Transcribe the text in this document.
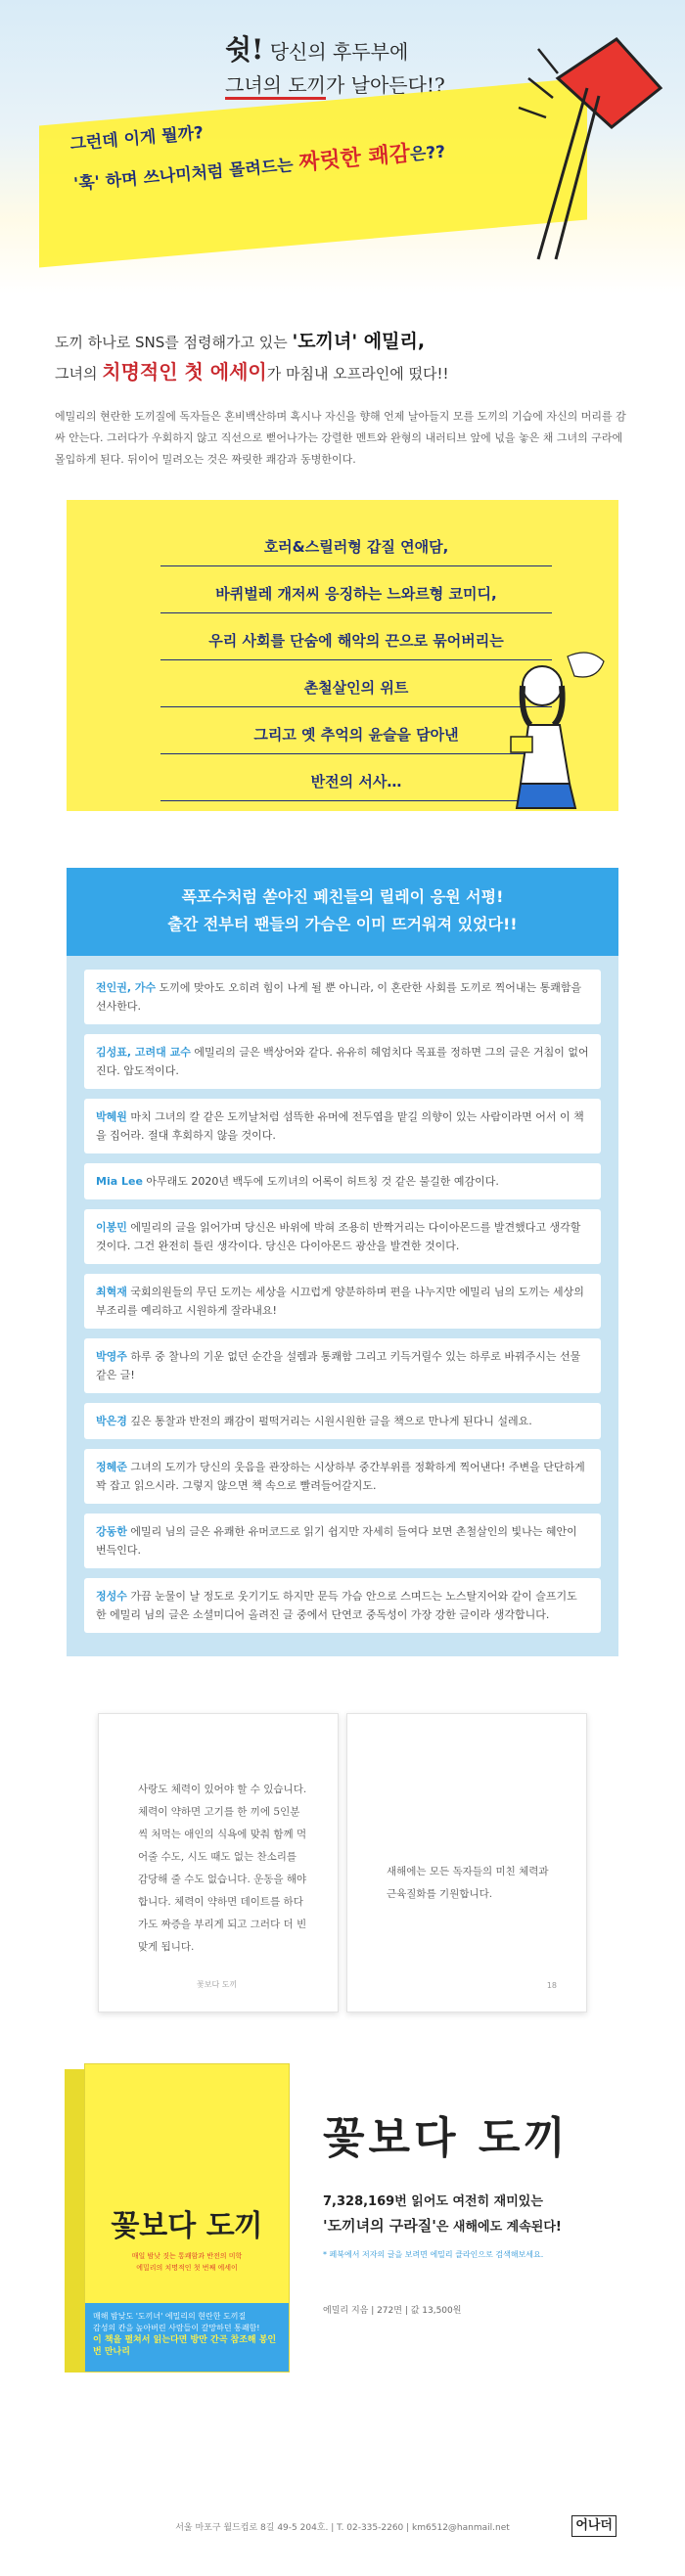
쉿! 당신의 후두부에
그녀의 도끼가 날아든다!?
그런데 이게 뭘까?
'훅' 하며 쓰나미처럼 몰려드는 짜릿한 쾌감은??
도끼 하나로 SNS를 점령해가고 있는 '도끼녀' 에밀리,
그녀의 치명적인 첫 에세이가 마침내 오프라인에 떴다!!

에밀리의 현란한 도끼질에 독자들은 혼비백산하며 혹시나 자신을 향해 언제 날아들지 모를 도끼의 기습에 자신의 머리를 감싸 안는다. 그러다가 우회하지 않고 직선으로 뻗어나가는 강렬한 멘트와 완형의 내러티브 앞에 넋을 놓은 채 그녀의 구라에 몰입하게 된다. 뒤이어 밀려오는 것은 짜릿한 쾌감과 동병한이다.

호러&스릴러형 갑질 연애담,
바퀴벌레 개저씨 응징하는 느와르형 코미디,
우리 사회를 단숨에 해악의 끈으로 묶어버리는
촌철살인의 위트
그리고 옛 추억의 윤슬을 담아낸
반전의 서사…
폭포수처럼 쏟아진 페친들의 릴레이 응원 서평!
출간 전부터 팬들의 가슴은 이미 뜨거워져 있었다!!
전인권, 가수 도끼에 맞아도 오히려 힘이 나게 될 뿐 아니라, 이 혼란한 사회를 도끼로 찍어내는 통쾌함을 선사한다.
김성표, 고려대 교수 에밀리의 글은 백상어와 같다. 유유히 헤엄치다 목표를 정하면 그의 글은 거침이 없어진다. 압도적이다.
박혜원 마치 그녀의 칼 같은 도끼날처럼 섬뜩한 유머에 전두엽을 맡길 의향이 있는 사람이라면 어서 이 책을 집어라. 절대 후회하지 않을 것이다.
Mia Lee 아무래도 2020년 백두에 도끼녀의 어록이 허트칭 것 같은 불길한 예감이다.
이봉민 에밀리의 글을 읽어가며 당신은 바위에 박혀 조용히 반짝거리는 다이아몬드를 발견했다고 생각할 것이다. 그건 완전히 틀린 생각이다. 당신은 다이아몬드 광산을 발견한 것이다.
최혁재 국회의원들의 무딘 도끼는 세상을 시끄럽게 양분하하며 편을 나누지만 에밀리 님의 도끼는 세상의 부조리를 예리하고 시원하게 잘라내요!
박영주 하루 중 찰나의 기운 없던 순간을 설렘과 통쾌함 그리고 키득거릴수 있는 하루로 바꿔주시는 선물 같은 글!
박은경 깊은 통찰과 반전의 쾌감이 펄떡거리는 시원시원한 글을 책으로 만나게 된다니 설레요.
정혜준 그녀의 도끼가 당신의 웃음을 관장하는 시상하부 중간부위를 정확하게 찍어낸다! 주변을 단단하게 꽉 잡고 읽으시라. 그렇지 않으면 책 속으로 빨려들어갈지도.
강동한 에밀리 님의 글은 유쾌한 유머코드로 읽기 쉽지만 자세히 들여다 보면 촌철살인의 빛나는 혜안이 번득인다.
정성수 가끔 눈물이 날 정도로 웃기기도 하지만 문득 가슴 안으로 스며드는 노스탈지어와 같이 슬프기도 한 에밀리 님의 글은 소셜미디어 올려진 글 중에서 단연코 중독성이 가장 강한 글이라 생각합니다.

사랑도 체력이 있어야 할 수 있습니다. 체력이 약하면 고기를 한 끼에 5인분씩 처먹는 애인의 식욕에 맞춰 함께 먹어줄 수도, 시도 때도 없는 찬소리를 감당해 줄 수도 없습니다. 운동을 해야 합니다. 체력이 약하면 데이트를 하다가도 짜증을 부리게 되고 그러다 더 빈 맞게 됩니다.

꽃보다 도끼

새해에는 모든 독자들의 미친 체력과 근육질화를 기원합니다.

18
꽃보다 도끼
매일 밤낮 짓는 통쾌함과 반전의 미학
에밀리의 치명적인 첫 번째 에세이
매해 밤낮도 '도끼녀' 에밀리의 현란한 도끼질
감성의 칸을 높아버린 사람들이 갈망하던 통쾌함!
이 책을 펼쳐서 읽는다면 방만 간곡 참조해 봉인 번 만나리
꽃보다 도끼
7,328,169번 읽어도 여전히 재미있는
'도끼녀의 구라질'은 새해에도 계속된다!
* 페북에서 저자의 글을 보려면 에밀리 클라인으로 검색해보세요.
에밀리 지음 | 272면 | 값 13,500원
서울 마포구 월드컵로 8길 49-5 204호. | T. 02-335-2260 | km6512@hanmail.net	어나더
